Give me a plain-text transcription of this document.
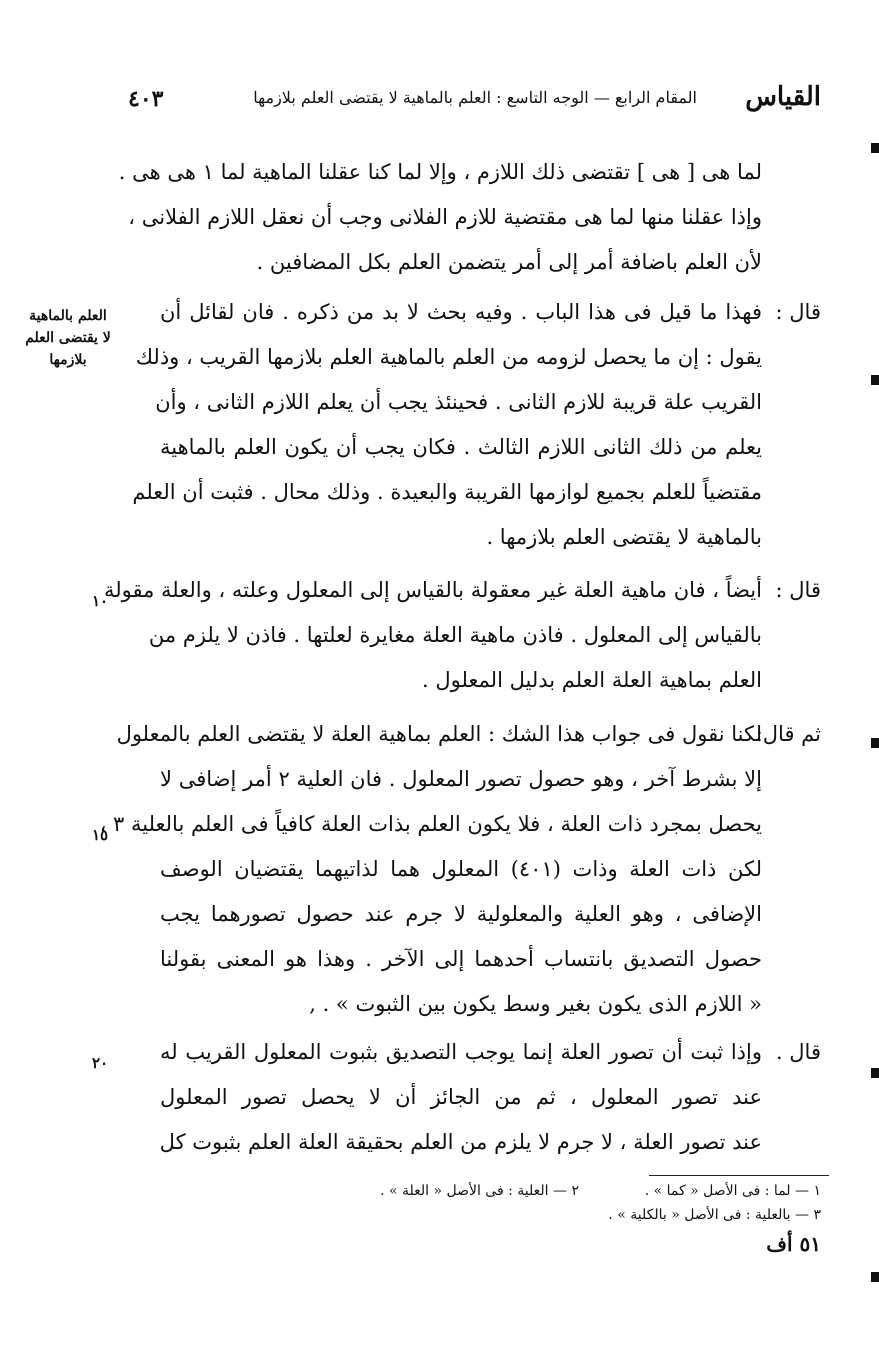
القياس
المقام الرابع — الوجه التاسع : العلم بالماهية لا يقتضى العلم بلازمها
٤٠٣
لما هى [ هى ] تقتضى ذلك اللازم ، وإلا لما كنا عقلنا الماهية لما ١ هى هى .
وإذا عقلنا منها لما هى مقتضية للازم الفلانى وجب أن نعقل اللازم الفلانى ،
لأن العلم باضافة أمر إلى أمر يتضمن العلم بكل المضافين .
قال :
فهذا ما قيل فى هذا الباب . وفيه بحث لا بد من ذكره . فان لقائل أن
يقول : إن ما يحصل لزومه من العلم بالماهية العلم بلازمها القريب ، وذلك
القريب علة قريبة للازم الثانى . فحينئذ يجب أن يعلم اللازم الثانى ، وأن
يعلم من ذلك الثانى اللازم الثالث . فكان يجب أن يكون العلم بالماهية
مقتضياً للعلم بجميع لوازمها القريبة والبعيدة . وذلك محال . فثبت أن العلم
بالماهية لا يقتضى العلم بلازمها .
العلم بالماهية
لا يقتضى العلم
بلازمها
قال :
أيضاً ، فان ماهية العلة غير معقولة بالقياس إلى المعلول وعلته ، والعلة مقولة
بالقياس إلى المعلول . فاذن ماهية العلة مغايرة لعلتها . فاذن لا يلزم من
العلم بماهية العلة العلم بدليل المعلول .
١٠
ثم قال:
لكنا نقول فى جواب هذا الشك : العلم بماهية العلة لا يقتضى العلم بالمعلول
إلا بشرط آخر ، وهو حصول تصور المعلول . فان العلية ٢ أمر إضافى لا
يحصل بمجرد ذات العلة ، فلا يكون العلم بذات العلة كافياً فى العلم بالعلية ٣ ،
لكن ذات العلة وذات (٤٠١) المعلول هما لذاتيهما يقتضيان الوصف
الإضافى ، وهو العلية والمعلولية لا جرم عند حصول تصورهما يجب
حصول التصديق بانتساب أحدهما إلى الآخر . وهذا هو المعنى بقولنا
« اللازم الذى يكون بغير وسط يكون بين الثبوت » . ,
١٥
قال .
وإذا ثبت أن تصور العلة إنما يوجب التصديق بثبوت المعلول القريب له
عند تصور المعلول ، ثم من الجائز أن لا يحصل تصور المعلول
عند تصور العلة ، لا جرم لا يلزم من العلم بحقيقة العلة العلم بثبوت كل
٢٠
١ — لما : فى الأصل « كما » .
٢ — العلية : فى الأصل « العلة » .
٣ — بالعلية : فى الأصل « بالكلية » .
٥١ أف
